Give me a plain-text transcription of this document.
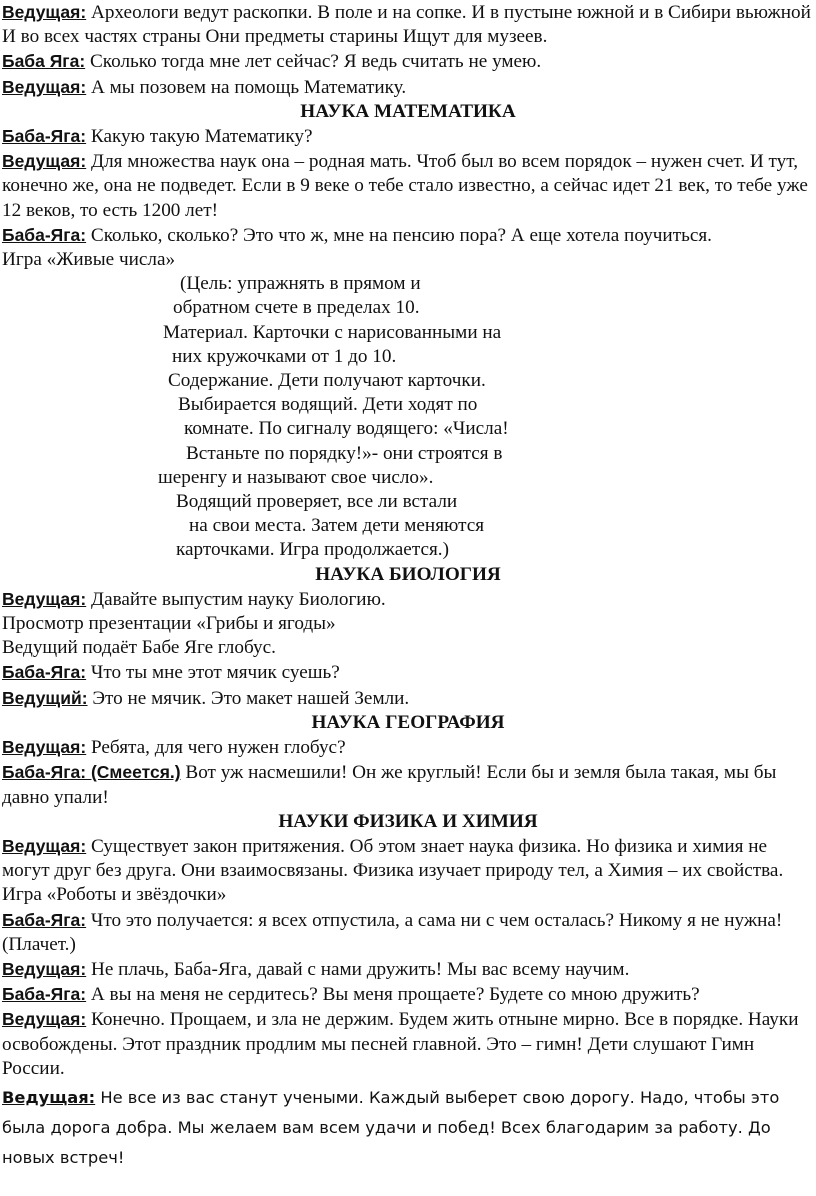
Ведущая: Археологи ведут раскопки. В поле и на сопке. И в пустыне южной и в Сибири вьюжной И во всех частях страны Они предметы старины Ищут для музеев.

Баба Яга: Сколько тогда мне лет сейчас? Я ведь считать не умею.

Ведущая: А мы позовем на помощь Математику.

НАУКА МАТЕМАТИКА

Баба-Яга: Какую такую Математику?

Ведущая: Для множества наук она – родная мать. Чтоб был во всем порядок – нужен счет. И тут, конечно же, она не подведет. Если в 9 веке о тебе стало известно, а сейчас идет 21 век, то тебе уже 12 веков, то есть 1200 лет!

Баба-Яга: Сколько, сколько? Это что ж, мне на пенсию пора? А еще хотела поучиться.

Игра «Живые числа»

(Цель: упражнять в прямом и
обратном счете в пределах 10.
Материал. Карточки с нарисованными на
них кружочками от 1 до 10.
Содержание. Дети получают карточки.
Выбирается водящий. Дети ходят по
комнате. По сигналу водящего: «Числа!
Встаньте по порядку!»- они строятся в
шеренгу и называют свое число».
Водящий проверяет, все ли встали
на свои места. Затем дети меняются
карточками. Игра продолжается.)

НАУКА БИОЛОГИЯ

Ведущая: Давайте выпустим науку Биологию.

Просмотр презентации «Грибы и ягоды»

Ведущий подаёт Бабе Яге глобус.

Баба-Яга: Что ты мне этот мячик суешь?

Ведущий: Это не мячик. Это макет нашей Земли.

НАУКА ГЕОГРАФИЯ

Ведущая: Ребята, для чего нужен глобус?

Баба-Яга: (Смеется.) Вот уж насмешили! Он же круглый! Если бы и земля была такая, мы бы давно упали!

НАУКИ ФИЗИКА И ХИМИЯ

Ведущая: Существует закон притяжения. Об этом знает наука физика. Но физика и химия не могут друг без друга. Они взаимосвязаны. Физика изучает природу тел, а Химия – их свойства.

Игра «Роботы и звёздочки»

Баба-Яга: Что это получается: я всех отпустила, а сама ни с чем осталась? Никому я не нужна! (Плачет.)

Ведущая: Не плачь, Баба-Яга, давай с нами дружить! Мы вас всему научим.

Баба-Яга: А вы на меня не сердитесь? Вы меня прощаете? Будете со мною дружить?

Ведущая: Конечно. Прощаем, и зла не держим. Будем жить отныне мирно. Все в порядке. Науки освобождены. Этот праздник продлим мы песней главной. Это – гимн! Дети слушают Гимн России.

Ведущая: Не все из вас станут учеными. Каждый выберет свою дорогу. Надо, чтобы это была дорога добра. Мы желаем вам всем удачи и побед! Всех благодарим за работу. До новых встреч!
